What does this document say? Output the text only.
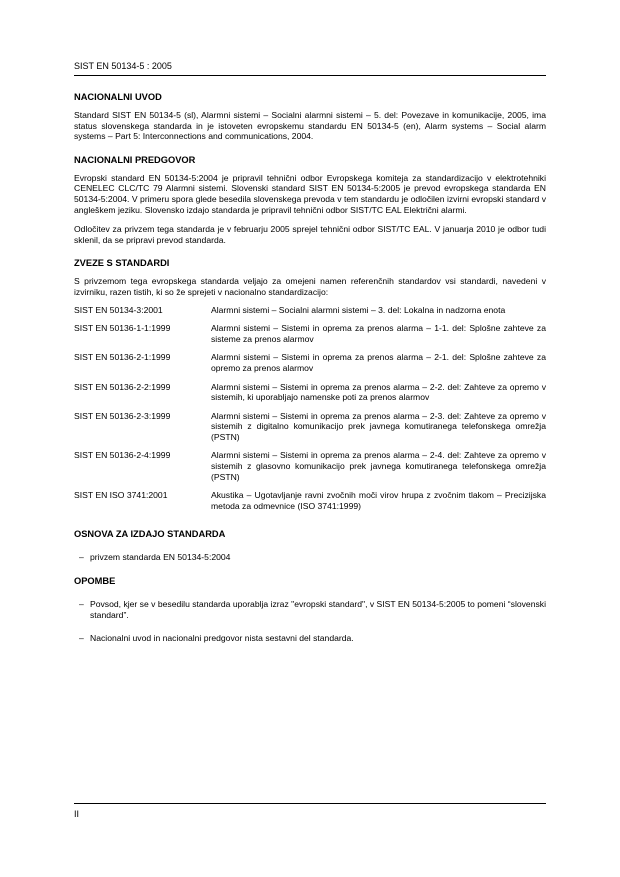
SIST EN 50134-5 : 2005
NACIONALNI UVOD

Standard SIST EN 50134-5 (sl), Alarmni sistemi – Socialni alarmni sistemi – 5. del: Povezave in komunikacije, 2005, ima status slovenskega standarda in je istoveten evropskemu standardu EN 50134-5 (en), Alarm systems – Social alarm systems – Part 5: Interconnections and communications, 2004.

NACIONALNI PREDGOVOR

Evropski standard EN 50134-5:2004 je pripravil tehnični odbor Evropskega komiteja za standardizacijo v elektrotehniki CENELEC CLC/TC 79 Alarmni sistemi. Slovenski standard SIST EN 50134-5:2005 je prevod evropskega standarda EN 50134-5:2004. V primeru spora glede besedila slovenskega prevoda v tem standardu je odločilen izvirni evropski standard v angleškem jeziku. Slovensko izdajo standarda je pripravil tehnični odbor SIST/TC EAL Električni alarmi.

Odločitev za privzem tega standarda je v februarju 2005 sprejel tehnični odbor SIST/TC EAL. V januarja 2010 je odbor tudi sklenil, da se pripravi prevod standarda.

ZVEZE S STANDARDI

S privzemom tega evropskega standarda veljajo za omejeni namen referenčnih standardov vsi standardi, navedeni v izvirniku, razen tistih, ki so že sprejeti v nacionalno standardizacijo:

SIST EN 50134-3:2001	Alarmni sistemi – Socialni alarmni sistemi – 3. del: Lokalna in nadzorna enota
SIST EN 50136-1-1:1999	Alarmni sistemi – Sistemi in oprema za prenos alarma – 1-1. del: Splošne zahteve za sisteme za prenos alarmov
SIST EN 50136-2-1:1999	Alarmni sistemi – Sistemi in oprema za prenos alarma – 2-1. del: Splošne zahteve za opremo za prenos alarmov
SIST EN 50136-2-2:1999	Alarmni sistemi – Sistemi in oprema za prenos alarma – 2-2. del: Zahteve za opremo v sistemih, ki uporabljajo namenske poti za prenos alarmov
SIST EN 50136-2-3:1999	Alarmni sistemi – Sistemi in oprema za prenos alarma – 2-3. del: Zahteve za opremo v sistemih z digitalno komunikacijo prek javnega komutiranega telefonskega omrežja (PSTN)
SIST EN 50136-2-4:1999	Alarmni sistemi – Sistemi in oprema za prenos alarma – 2-4. del: Zahteve za opremo v sistemih z glasovno komunikacijo prek javnega komutiranega telefonskega omrežja (PSTN)
SIST EN ISO 3741:2001	Akustika – Ugotavljanje ravni zvočnih moči virov hrupa z zvočnim tlakom – Precizijska metoda za odmevnice (ISO 3741:1999)
OSNOVA ZA IZDAJO STANDARDA
– privzem standarda EN 50134-5:2004
OPOMBE
– Povsod, kjer se v besedilu standarda uporablja izraz "evropski standard", v SIST EN 50134-5:2005 to pomeni “slovenski standard”.
– Nacionalni uvod in nacionalni predgovor nista sestavni del standarda.
II
